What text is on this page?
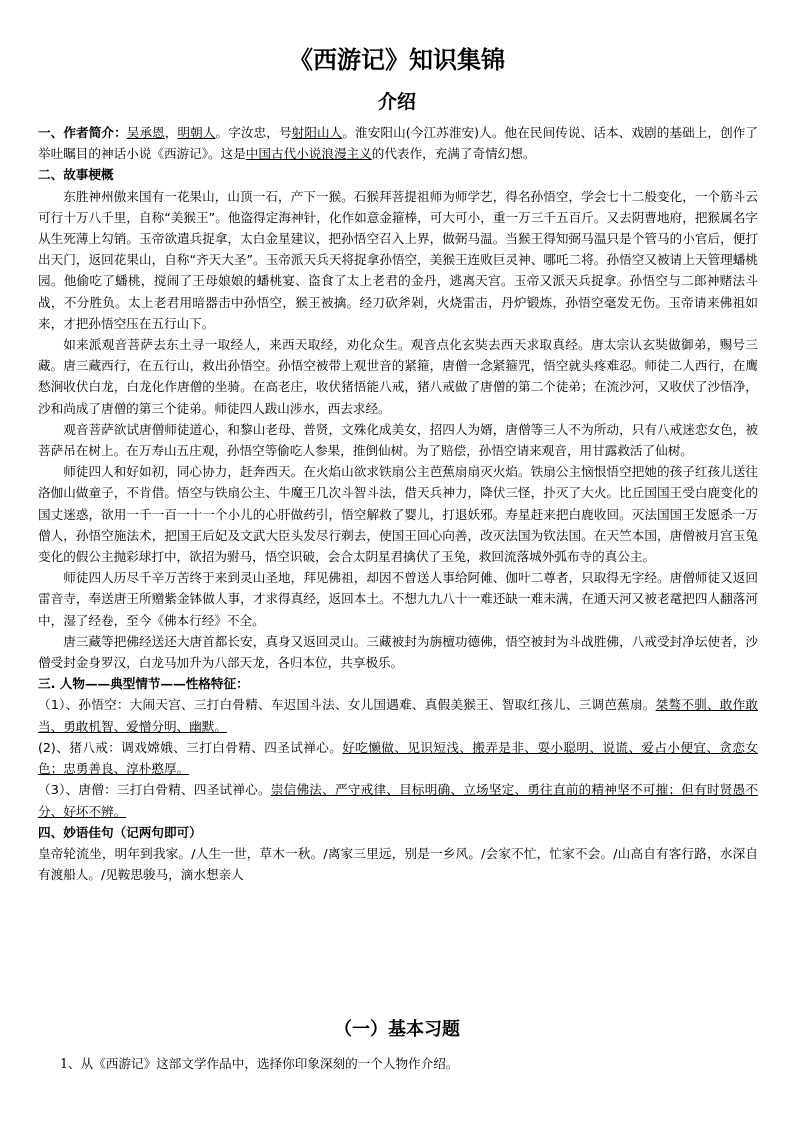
《西游记》知识集锦
介绍

一、作者简介：吴承恩，明朝人。字汝忠，号射阳山人。淮安阳山(今江苏淮安)人。他在民间传说、话本、戏剧的基础上，创作了举吐瞩目的神话小说《西游记》。这是中国古代小说浪漫主义的代表作，充满了奇情幻想。

二、故事梗概

东胜神州傲来国有一花果山，山顶一石，产下一猴。石猴拜菩提祖师为师学艺，得名孙悟空，学会七十二般变化，一个筋斗云可行十万八千里，自称“美猴王”。他盗得定海神针，化作如意金箍棒，可大可小，重一万三千五百斤。又去阴曹地府，把猴属名字从生死薄上勾销。玉帝欲遣兵捉拿，太白金星建议，把孙悟空召入上界，做弼马温。当猴王得知弼马温只是个管马的小官后，便打出天门，返回花果山，自称“齐天大圣”。玉帝派天兵天将捉拿孙悟空，美猴王连败巨灵神、哪吒二将。孙悟空又被请上天管理蟠桃园。他偷吃了蟠桃，搅闹了王母娘娘的蟠桃宴、盗食了太上老君的金丹，逃离天宫。玉帝又派天兵捉拿。孙悟空与二郎神赌法斗战，不分胜负。太上老君用暗器击中孙悟空，猴王被擒。经刀砍斧剁，火烧雷击，丹炉锻炼，孙悟空毫发无伤。玉帝请来佛祖如来，才把孙悟空压在五行山下。

如来派观音菩萨去东土寻一取经人，来西天取经，劝化众生。观音点化玄奘去西天求取真经。唐太宗认玄奘做御弟，赐号三藏。唐三藏西行，在五行山，救出孙悟空。孙悟空被带上观世音的紧箍，唐僧一念紧箍咒，悟空就头疼难忍。师徒二人西行，在鹰愁涧收伏白龙，白龙化作唐僧的坐骑。在高老庄，收伏猪悟能八戒，猪八戒做了唐僧的第二个徒弟；在流沙河，又收伏了沙悟净，沙和尚成了唐僧的第三个徒弟。师徒四人跋山涉水，西去求经。

观音菩萨欲试唐僧师徒道心，和黎山老母、普贤，文殊化成美女，招四人为婿，唐僧等三人不为所动，只有八戒迷恋女色，被菩萨吊在树上。在万寿山五庄观，孙悟空等偷吃人参果，推倒仙树。为了赔偿，孙悟空请来观音，用甘露救活了仙树。

师徒四人和好如初，同心协力，赶奔西天。在火焰山欲求铁扇公主芭蕉扇扇灭火焰。铁扇公主恼恨悟空把她的孩子红孩儿送往洛伽山做童子，不肯借。悟空与铁扇公主、牛魔王几次斗智斗法，借天兵神力，降伏三怪，扑灭了大火。比丘国国王受白鹿变化的国丈迷惑，欲用一千一百一十一个小儿的心肝做药引，悟空解救了婴儿，打退妖邪。寿星赶来把白鹿收回。灭法国国王发愿杀一万僧人，孙悟空施法术，把国王后妃及文武大臣头发尽行剃去，使国王回心向善，改灭法国为钦法国。在天竺本国，唐僧被月宫玉兔变化的假公主抛彩球打中，欲招为驸马，悟空识破，会合太阴星君擒伏了玉兔，救回流落城外弧布寺的真公主。

师徒四人历尽千辛万苦终于来到灵山圣地，拜见佛祖，却因不曾送人事给阿傩、伽叶二尊者，只取得无字经。唐僧师徒又返回雷音寺，奉送唐王所赠紫金钵做人事，才求得真经，返回本土。不想九九八十一难还缺一难未满，在通天河又被老鼋把四人翻落河中，湿了经卷，至今《佛本行经》不全。

唐三藏等把佛经送还大唐首都长安，真身又返回灵山。三藏被封为旃檀功德佛，悟空被封为斗战胜佛，八戒受封净坛使者，沙僧受封金身罗汉，白龙马加升为八部天龙，各归本位，共享极乐。

三. 人物——典型情节——性格特征：

（1）、孙悟空：大闹天宫、三打白骨精、车迟国斗法、女儿国遇难、真假美猴王、智取红孩儿、三调芭蕉扇。桀骜不驯、敢作敢当、勇敢机智、爱憎分明、幽默。

(2)、猪八戒：调戏嫦娥、三打白骨精、四圣试禅心。好吃懒做、见识短浅、搬弄是非、耍小聪明、说谎、爱占小便宜、贪恋女色；忠勇善良、淳朴憨厚。

（3）、唐僧：三打白骨精、四圣试禅心。崇信佛法、严守戒律、目标明确、立场坚定、勇往直前的精神坚不可摧；但有时贤愚不分、好坏不辨。

四、妙语佳句（记两句即可）

皇帝轮流坐，明年到我家。/人生一世，草木一秋。/离家三里远，别是一乡风。/会家不忙，忙家不会。/山高自有客行路，水深自有渡船人。/见鞍思骏马，滴水想亲人

（一）基本习题
1、从《西游记》这部文学作品中，选择你印象深刻的一个人物作介绍。
